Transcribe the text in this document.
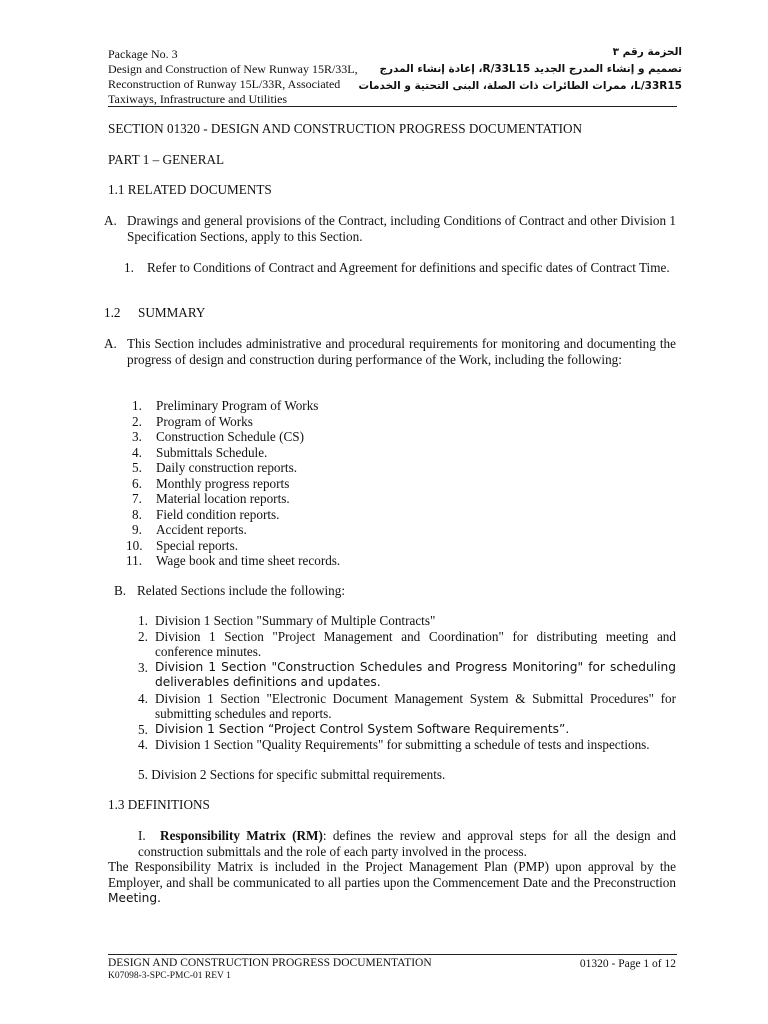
Package No. 3
Design and Construction of New Runway 15R/33L,
Reconstruction of Runway 15L/33R, Associated
Taxiways, Infrastructure and Utilities
الحزمة رقم ٣
تصميم و إنشاء المدرج الجديد R/33L15، إعادة إنشاء المدرج
L/33R15، ممرات الطائرات ذات الصلة، البنى التحتية و الخدمات
SECTION 01320 - DESIGN AND CONSTRUCTION PROGRESS DOCUMENTATION
PART 1 – GENERAL
1.1 RELATED DOCUMENTS
A. Drawings and general provisions of the Contract, including Conditions of Contract and other Division 1 Specification Sections, apply to this Section.
1. Refer to Conditions of Contract and Agreement for definitions and specific dates of Contract Time.
1.2 SUMMARY
A. This Section includes administrative and procedural requirements for monitoring and documenting the progress of design and construction during performance of the Work, including the following:
1. Preliminary Program of Works
2. Program of Works
3. Construction Schedule (CS)
4. Submittals Schedule.
5. Daily construction reports.
6. Monthly progress reports
7. Material location reports.
8. Field condition reports.
9. Accident reports.
10. Special reports.
11. Wage book and time sheet records.
B. Related Sections include the following:
1. Division 1 Section "Summary of Multiple Contracts"
2. Division 1 Section "Project Management and Coordination" for distributing meeting and conference minutes.
3. Division 1 Section "Construction Schedules and Progress Monitoring" for scheduling deliverables definitions and updates.
4. Division 1 Section "Electronic Document Management System & Submittal Procedures" for submitting schedules and reports.
5. Division 1 Section “Project Control System Software Requirements”.
4. Division 1 Section "Quality Requirements" for submitting a schedule of tests and inspections.
5. Division 2 Sections for specific submittal requirements.
1.3 DEFINITIONS
I. Responsibility Matrix (RM): defines the review and approval steps for all the design and construction submittals and the role of each party involved in the process.
The Responsibility Matrix is included in the Project Management Plan (PMP) upon approval by the Employer, and shall be communicated to all parties upon the Commencement Date and the Preconstruction Meeting.
DESIGN AND CONSTRUCTION PROGRESS DOCUMENTATION
K07098-3-SPC-PMC-01 REV 1
01320 - Page 1 of 12
